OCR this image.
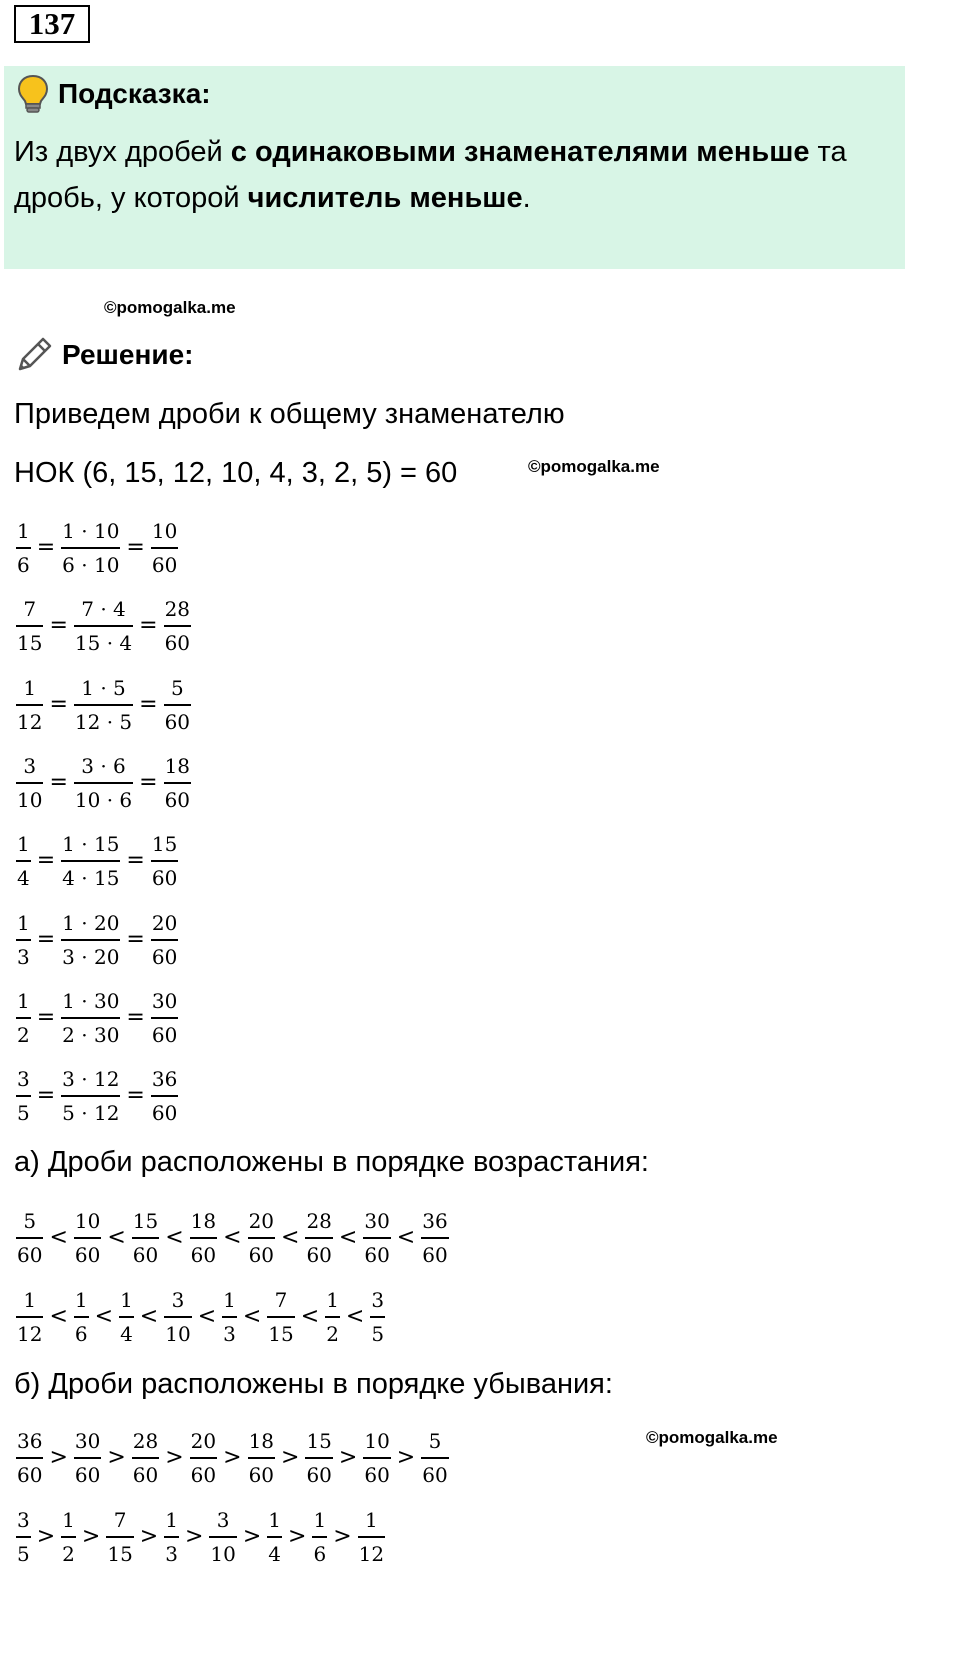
137
Подсказка:
Из двух дробей с одинаковыми знаменателями меньше та дробь, у которой числитель меньше.
©pomogalka.me
Решение:
Приведем дроби к общему знаменателю
НОК (6, 15, 12, 10, 4, 3, 2, 5) = 60	©pomogalka.me
$\frac{1}{6} = \frac{1 \cdot 10}{6 \cdot 10} = \frac{10}{60}$
$\frac{7}{15} = \frac{7 \cdot 4}{15 \cdot 4} = \frac{28}{60}$
$\frac{1}{12} = \frac{1 \cdot 5}{12 \cdot 5} = \frac{5}{60}$
$\frac{3}{10} = \frac{3 \cdot 6}{10 \cdot 6} = \frac{18}{60}$
$\frac{1}{4} = \frac{1 \cdot 15}{4 \cdot 15} = \frac{15}{60}$
$\frac{1}{3} = \frac{1 \cdot 20}{3 \cdot 20} = \frac{20}{60}$
$\frac{1}{2} = \frac{1 \cdot 30}{2 \cdot 30} = \frac{30}{60}$
$\frac{3}{5} = \frac{3 \cdot 12}{5 \cdot 12} = \frac{36}{60}$
а) Дроби расположены в порядке возрастания:
$\frac{5}{60} < \frac{10}{60} < \frac{15}{60} < \frac{18}{60} < \frac{20}{60} < \frac{28}{60} < \frac{30}{60} < \frac{36}{60}$
$\frac{1}{12} < \frac{1}{6} < \frac{1}{4} < \frac{3}{10} < \frac{1}{3} < \frac{7}{15} < \frac{1}{2} < \frac{3}{5}$
б) Дроби расположены в порядке убывания:
©pomogalka.me
$\frac{36}{60} > \frac{30}{60} > \frac{28}{60} > \frac{20}{60} > \frac{18}{60} > \frac{15}{60} > \frac{10}{60} > \frac{5}{60}$
$\frac{3}{5} > \frac{1}{2} > \frac{7}{15} > \frac{1}{3} > \frac{3}{10} > \frac{1}{4} > \frac{1}{6} > \frac{1}{12}$
